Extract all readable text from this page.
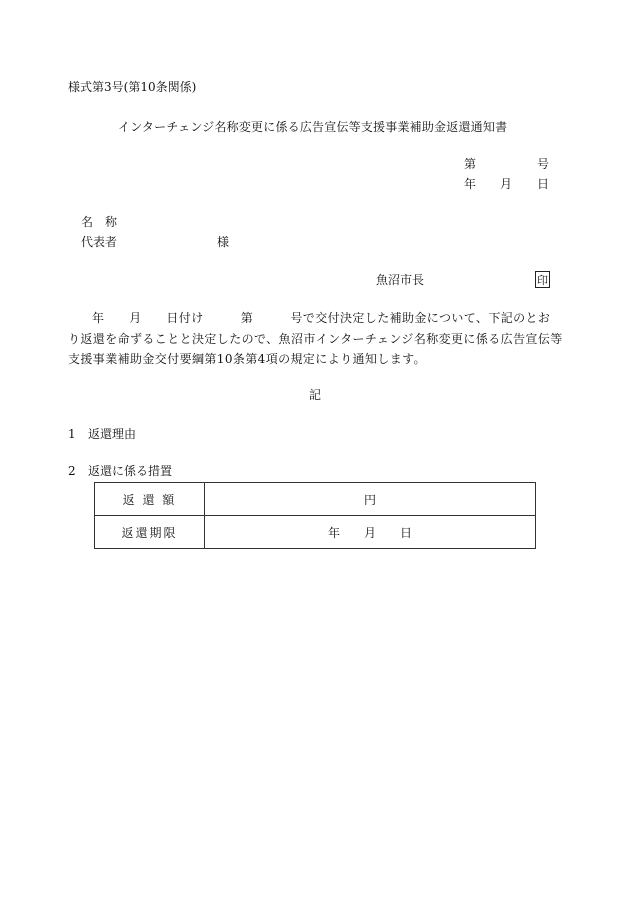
様式第3号(第10条関係)
インターチェンジ名称変更に係る広告宣伝等支援事業補助金返還通知書
第	号
年 月 日
名　称
代表者	様
魚沼市長	印
年　　月　　日付け　　　第　　　号で交付決定した補助金について、下記のとお
り返還を命ずることと決定したので、魚沼市インターチェンジ名称変更に係る広告宣伝等
支援事業補助金交付要綱第10条第4項の規定により通知します。
記
1 返還理由
2 返還に係る措置
返 還 額	円
返還期限	年　　月　　日
